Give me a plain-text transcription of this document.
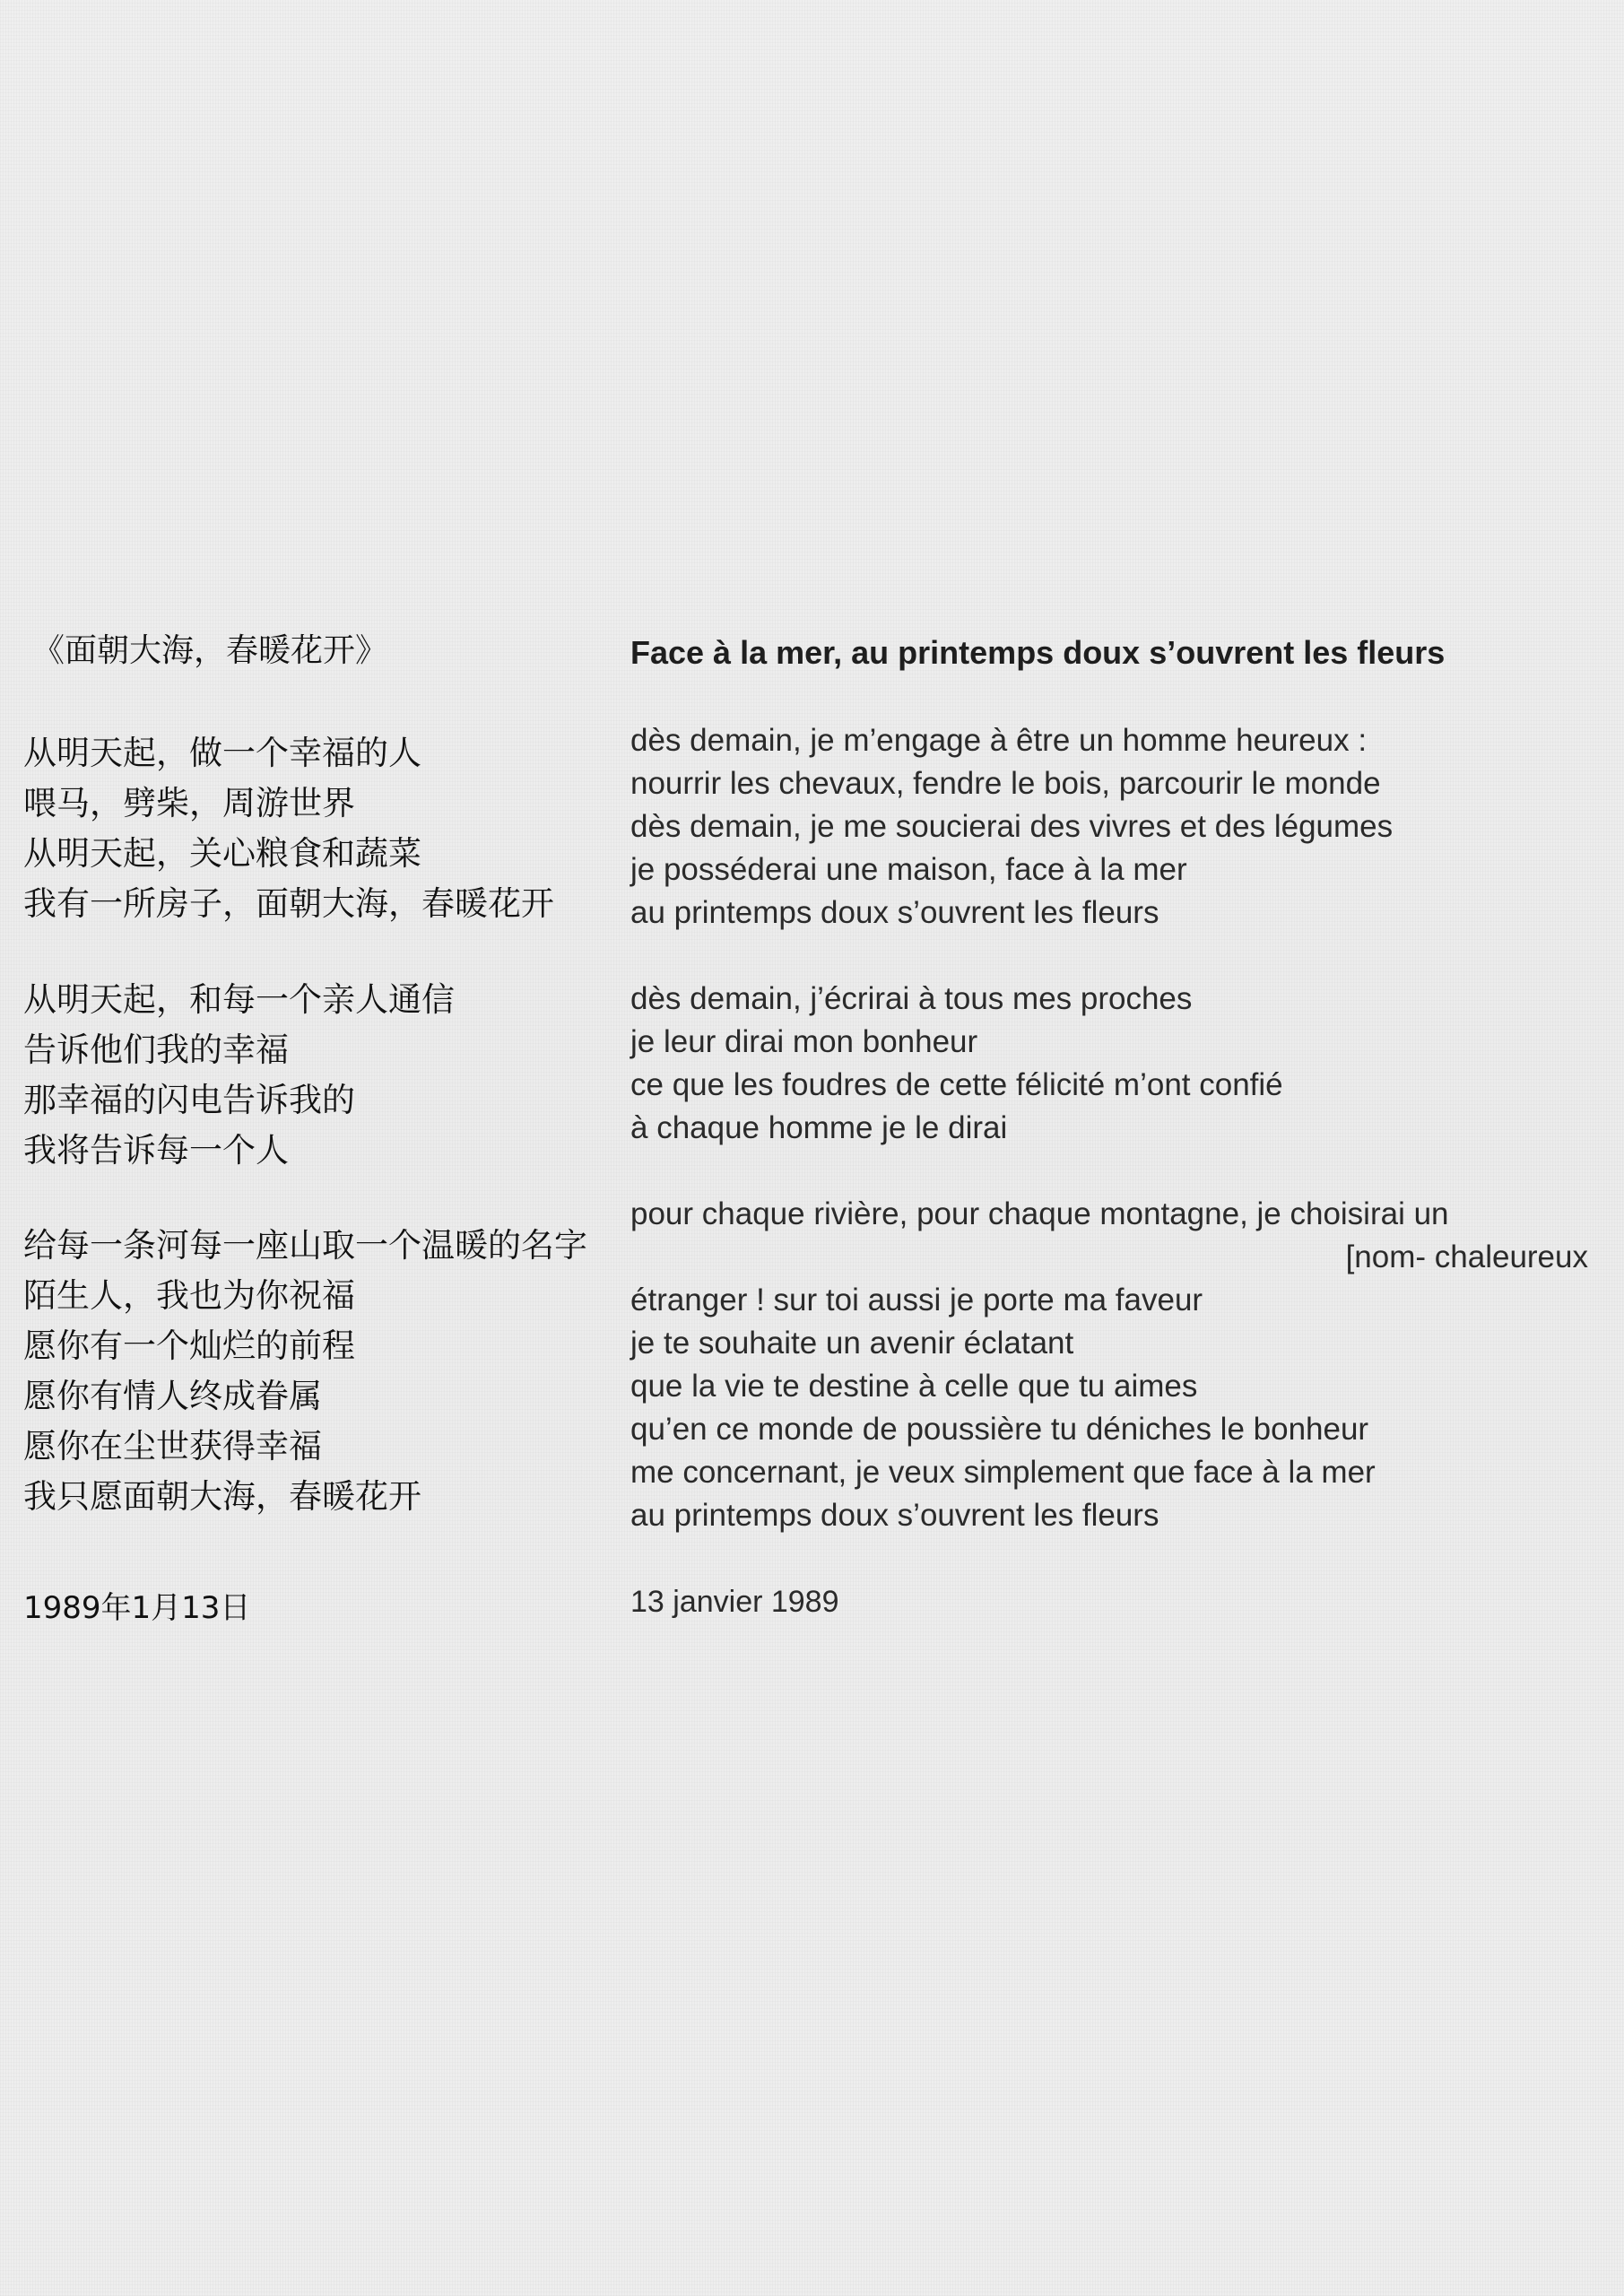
《面朝大海，春暖花开》	Face à la mer, au printemps doux s’ouvrent les fleurs

从明天起，做一个幸福的人

喂马，劈柴，周游世界

从明天起，关心粮食和蔬菜

我有一所房子，面朝大海，春暖花开

从明天起，和每一个亲人通信

告诉他们我的幸福

那幸福的闪电告诉我的

我将告诉每一个人

给每一条河每一座山取一个温暖的名字

陌生人，我也为你祝福

愿你有一个灿烂的前程

愿你有情人终成眷属

愿你在尘世获得幸福

我只愿面朝大海，春暖花开

1989年1月13日

dès demain, je m’engage à être un homme heureux :

nourrir les chevaux, fendre le bois, parcourir le monde

dès demain, je me soucierai des vivres et des légumes

je posséderai une maison, face à la mer

au printemps doux s’ouvrent les fleurs

dès demain, j’écrirai à tous mes proches

je leur dirai mon bonheur

ce que les foudres de cette félicité m’ont confié

à chaque homme je le dirai

pour chaque rivière, pour chaque montagne, je choisirai un

[nom- chaleureux

étranger ! sur toi aussi je porte ma faveur

je te souhaite un avenir éclatant

que la vie te destine à celle que tu aimes

qu’en ce monde de poussière tu déniches le bonheur

me concernant, je veux simplement que face à la mer

au printemps doux s’ouvrent les fleurs

13 janvier 1989
